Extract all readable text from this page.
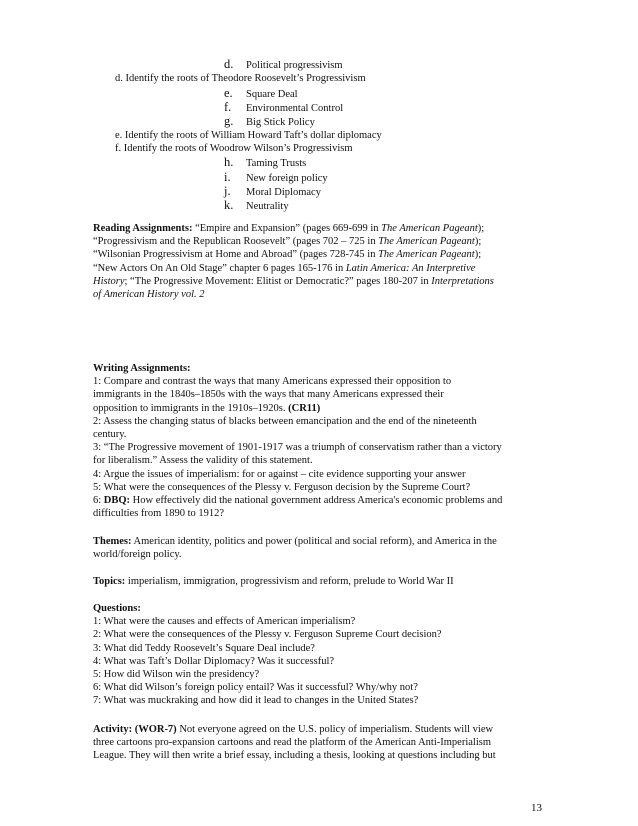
d. Political progressivism
d. Identify the roots of Theodore Roosevelt’s Progressivism
e. Square Deal
f. Environmental Control
g. Big Stick Policy
e. Identify the roots of William Howard Taft’s dollar diplomacy
f. Identify the roots of Woodrow Wilson’s Progressivism
h. Taming Trusts
i. New foreign policy
j. Moral Diplomacy
k. Neutrality

Reading Assignments: “Empire and Expansion” (pages 669-699 in The American Pageant);

“Progressivism and the Republican Roosevelt” (pages 702 – 725 in The American Pageant);

“Wilsonian Progressivism at Home and Abroad” (pages 728-745 in The American Pageant);

“New Actors On An Old Stage” chapter 6 pages 165-176 in Latin America: An Interpretive

History; “The Progressive Movement: Elitist or Democratic?” pages 180-207 in Interpretations

of American History vol. 2

Writing Assignments:

1: Compare and contrast the ways that many Americans expressed their opposition to

immigrants in the 1840s–1850s with the ways that many Americans expressed their

opposition to immigrants in the 1910s–1920s. (CR11)

2: Assess the changing status of blacks between emancipation and the end of the nineteenth

century.

3: “The Progressive movement of 1901-1917 was a triumph of conservatism rather than a victory

for liberalism.” Assess the validity of this statement.

4: Argue the issues of imperialism: for or against – cite evidence supporting your answer

5: What were the consequences of the Plessy v. Ferguson decision by the Supreme Court?

6: DBQ: How effectively did the national government address America's economic problems and

difficulties from 1890 to 1912?

Themes: American identity, politics and power (political and social reform), and America in the

world/foreign policy.

Topics: imperialism, immigration, progressivism and reform, prelude to World War II

Questions:

1: What were the causes and effects of American imperialism?

2: What were the consequences of the Plessy v. Ferguson Supreme Court decision?

3: What did Teddy Roosevelt’s Square Deal include?

4: What was Taft’s Dollar Diplomacy? Was it successful?

5: How did Wilson win the presidency?

6: What did Wilson’s foreign policy entail? Was it successful? Why/why not?

7: What was muckraking and how did it lead to changes in the United States?

Activity: (WOR-7) Not everyone agreed on the U.S. policy of imperialism. Students will view

three cartoons pro-expansion cartoons and read the platform of the American Anti-Imperialism

League. They will then write a brief essay, including a thesis, looking at questions including but

13
